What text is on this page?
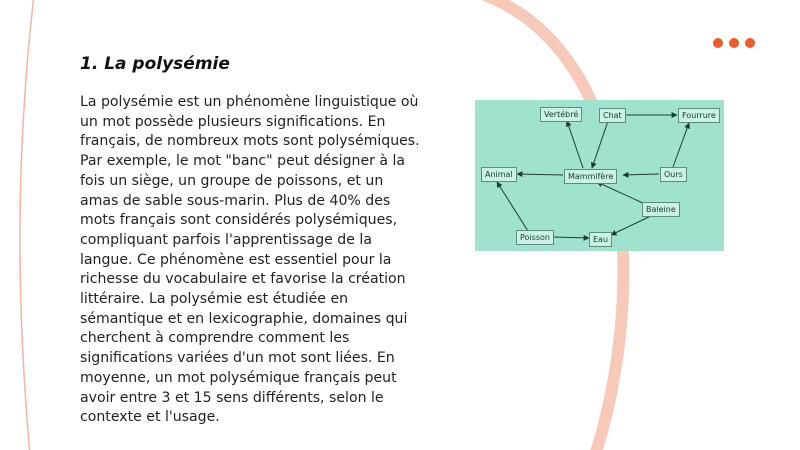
1. La polysémie

La polysémie est un phénomène linguistique où un mot possède plusieurs significations. En français, de nombreux mots sont polysémiques. Par exemple, le mot "banc" peut désigner à la fois un siège, un groupe de poissons, et un amas de sable sous-marin. Plus de 40% des mots français sont considérés polysémiques, compliquant parfois l'apprentissage de la langue. Ce phénomène est essentiel pour la richesse du vocabulaire et favorise la création littéraire. La polysémie est étudiée en sémantique et en lexicographie, domaines qui cherchent à comprendre comment les significations variées d'un mot sont liées. En moyenne, un mot polysémique français peut avoir entre 3 et 15 sens différents, selon le contexte et l'usage.

Vertébré	Chat	Fourrure
Animal	Mammifère	Ours
Baleine
Poisson	Eau
